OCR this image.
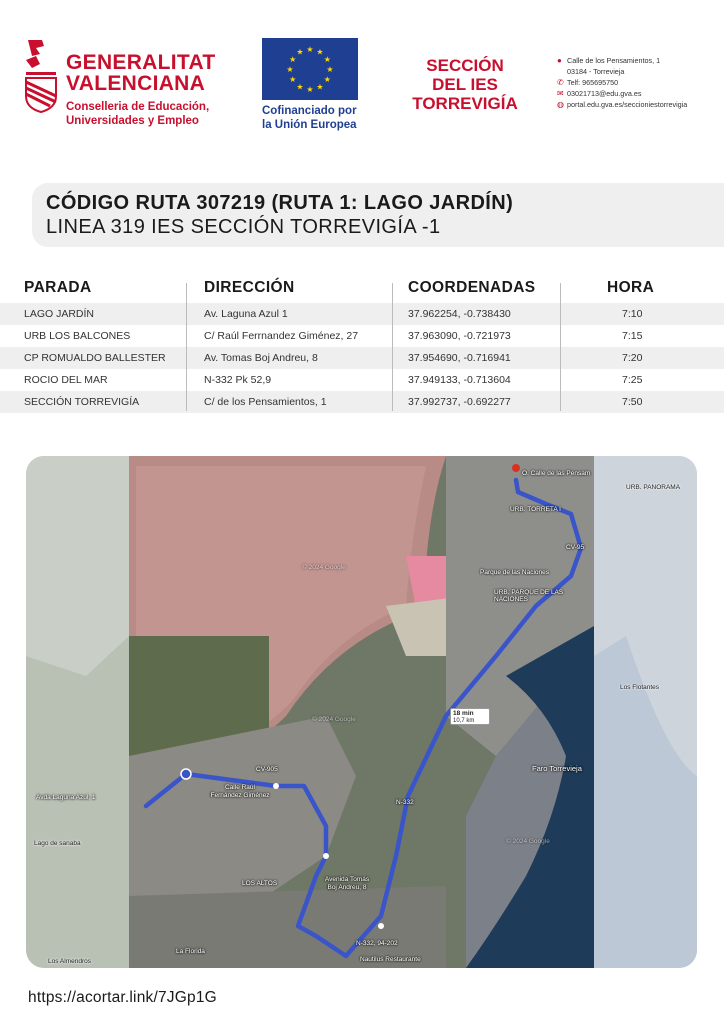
GENERALITAT
VALENCIANA
Conselleria de Educación,
Universidades y Empleo
★
★
★
★
★
★
★
★
★ ★ ★
★
Cofinanciado por
la Unión Europea
SECCIÓN
DEL IES
TORREVIGÍA
● Calle de los Pensamientos, 1
03184 - Torrevieja
✆ Telf: 965695750
✉ 03021713@edu.gva.es
◍ portal.edu.gva.es/seccioniestorrevigia
CÓDIGO RUTA 307219 (RUTA 1: LAGO JARDÍN)
LINEA 319 IES SECCIÓN TORREVIGÍA -1
PARADA	DIRECCIÓN	COORDENADAS	HORA
LAGO JARDÍN	Av. Laguna Azul 1	37.962254, -0.738430	7:10
URB LOS BALCONES	C/ Raúl Ferrnandez Giménez, 27	37.963090, -0.721973	7:15
CP ROMUALDO BALLESTER	Av. Tomas Boj Andreu, 8	37.954690, -0.716941	7:20
ROCIO DEL MAR	N-332 Pk 52,9	37.949133, -0.713604	7:25
SECCIÓN TORREVIGÍA	C/ de los Pensamientos, 1	37.992737, -0.692277	7:50
O. Calle de las Pensam
URB. TORRETA I
Parque de las Naciones
URB. PARQUE DE LAS NACIONES
URB. PANORAMA
Los Flotantes
Faro Torrevieja
Calle Raúl Fernández Giménez
Avenida Tomás Boj Andreu, 8
N-332, 94-202
Avda Laguna Azul, 1
Lago de sanaba
Los Almendros
La Florida
LOS ALTOS
Nautilus Restaurante
CV-95
N-332
CV-905
© 2024 Google
© 2024 Google
© 2024 Google
18 min
10,7 km
https://acortar.link/7JGp1G
